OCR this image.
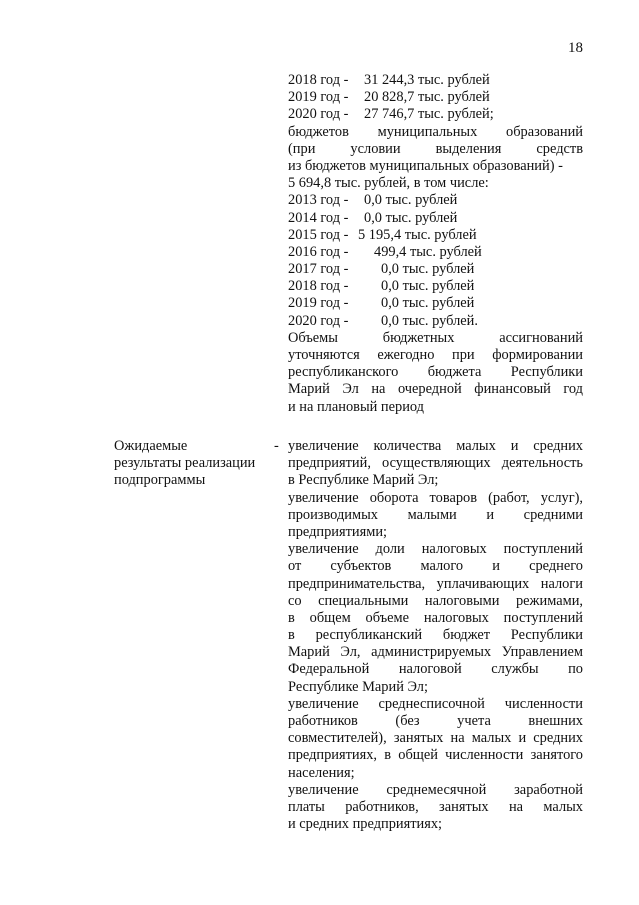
18
2018 год - 31 244,3 тыс. рублей
2019 год - 20 828,7 тыс. рублей
2020 год - 27 746,7 тыс. рублей;
бюджетов муниципальных образований
(при условии выделения средств
из бюджетов муниципальных образований) -
5 694,8 тыс. рублей, в том числе:
2013 год - 0,0 тыс. рублей
2014 год - 0,0 тыс. рублей
2015 год - 5 195,4 тыс. рублей
2016 год - 499,4 тыс. рублей
2017 год - 0,0 тыс. рублей
2018 год - 0,0 тыс. рублей
2019 год - 0,0 тыс. рублей
2020 год - 0,0 тыс. рублей.
Объемы бюджетных ассигнований
уточняются ежегодно при формировании
республиканского бюджета Республики
Марий Эл на очередной финансовый год
и на плановый период
Ожидаемые
результаты реализации
подпрограммы
- увеличение количества малых и средних
предприятий, осуществляющих деятельность
в Республике Марий Эл;
увеличение оборота товаров (работ, услуг),
производимых малыми и средними
предприятиями;
увеличение доли налоговых поступлений
от субъектов малого и среднего
предпринимательства, уплачивающих налоги
со специальными налоговыми режимами,
в общем объеме налоговых поступлений
в республиканский бюджет Республики
Марий Эл, администрируемых Управлением
Федеральной налоговой службы по
Республике Марий Эл;
увеличение среднесписочной численности
работников (без учета внешних
совместителей), занятых на малых и средних
предприятиях, в общей численности занятого
населения;
увеличение среднемесячной заработной
платы работников, занятых на малых
и средних предприятиях;
